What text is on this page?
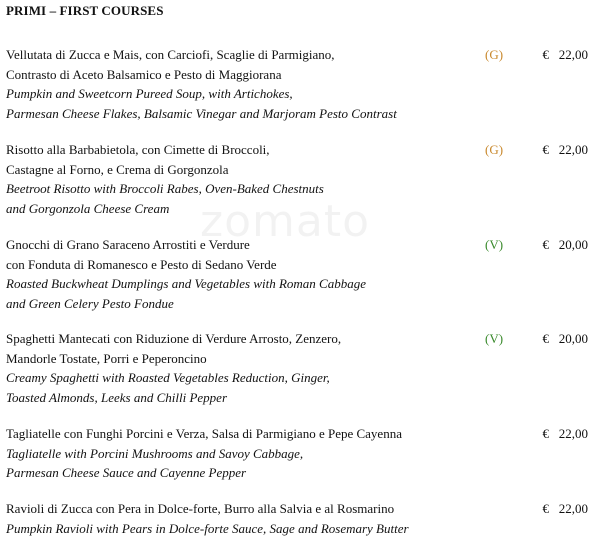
PRIMI – FIRST COURSES
zomato
Vellutata di Zucca e Mais, con Carciofi, Scaglie di Parmigiano,
Contrasto di Aceto Balsamico e Pesto di Maggiorana
Pumpkin and Sweetcorn Pureed Soup, with Artichokes,
Parmesan Cheese Flakes, Balsamic Vinegar and Marjoram Pesto Contrast
(G)	€   22,00
Risotto alla Barbabietola, con Cimette di Broccoli,
Castagne al Forno, e Crema di Gorgonzola
Beetroot Risotto with Broccoli Rabes, Oven-Baked Chestnuts
and Gorgonzola Cheese Cream
(G)	€   22,00
Gnocchi di Grano Saraceno Arrostiti e Verdure
con Fonduta di Romanesco e Pesto di Sedano Verde
Roasted Buckwheat Dumplings and Vegetables with Roman Cabbage
and Green Celery Pesto Fondue
(V)	€   20,00
Spaghetti Mantecati con Riduzione di Verdure Arrosto, Zenzero,
Mandorle Tostate, Porri e Peperoncino
Creamy Spaghetti with Roasted Vegetables Reduction, Ginger,
Toasted Almonds, Leeks and Chilli Pepper
(V)	€   20,00
Tagliatelle con Funghi Porcini e Verza, Salsa di Parmigiano e Pepe Cayenna
Tagliatelle with Porcini Mushrooms and Savoy Cabbage,
Parmesan Cheese Sauce and Cayenne Pepper
€   22,00
Ravioli di Zucca con Pera in Dolce-forte, Burro alla Salvia e al Rosmarino
Pumpkin Ravioli with Pears in Dolce-forte Sauce, Sage and Rosemary Butter
€   22,00
